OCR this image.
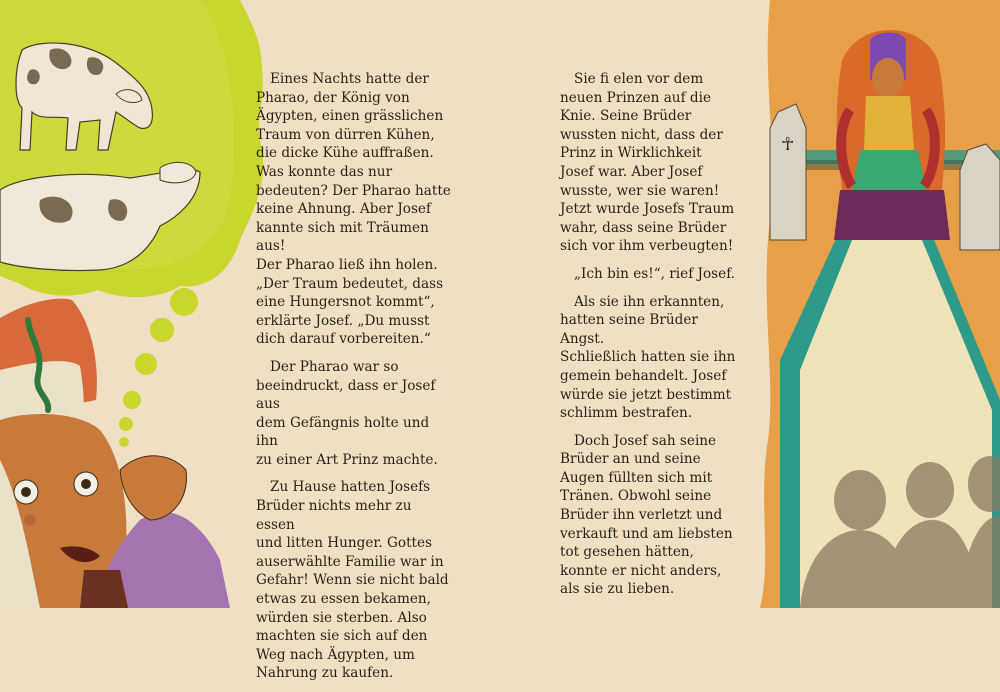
☥

Eines Nachts hatte der
Pharao, der König von
Ägypten, einen grässlichen
Traum von dürren Kühen,
die dicke Kühe auffraßen.
Was konnte das nur
bedeuten? Der Pharao hatte
keine Ahnung. Aber Josef
kannte sich mit Träumen aus!
Der Pharao ließ ihn holen.
„Der Traum bedeutet, dass
eine Hungersnot kommt“,
erklärte Josef. „Du musst
dich darauf vorbereiten.“

Der Pharao war so
beeindruckt, dass er Josef aus
dem Gefängnis holte und ihn
zu einer Art Prinz machte.

Zu Hause hatten Josefs
Brüder nichts mehr zu essen
und litten Hunger. Gottes
auserwählte Familie war in
Gefahr! Wenn sie nicht bald
etwas zu essen bekamen,
würden sie sterben. Also
machten sie sich auf den
Weg nach Ägypten, um
Nahrung zu kaufen.

Sie fi elen vor dem
neuen Prinzen auf die
Knie. Seine Brüder
wussten nicht, dass der
Prinz in Wirklichkeit
Josef war. Aber Josef
wusste, wer sie waren!
Jetzt wurde Josefs Traum
wahr, dass seine Brüder
sich vor ihm verbeugten!

„Ich bin es!“, rief Josef.

Als sie ihn erkannten,
hatten seine Brüder Angst.
Schließlich hatten sie ihn
gemein behandelt. Josef
würde sie jetzt bestimmt
schlimm bestrafen.

Doch Josef sah seine
Brüder an und seine
Augen füllten sich mit
Tränen. Obwohl seine
Brüder ihn verletzt und
verkauft und am liebsten
tot gesehen hätten,
konnte er nicht anders,
als sie zu lieben.
